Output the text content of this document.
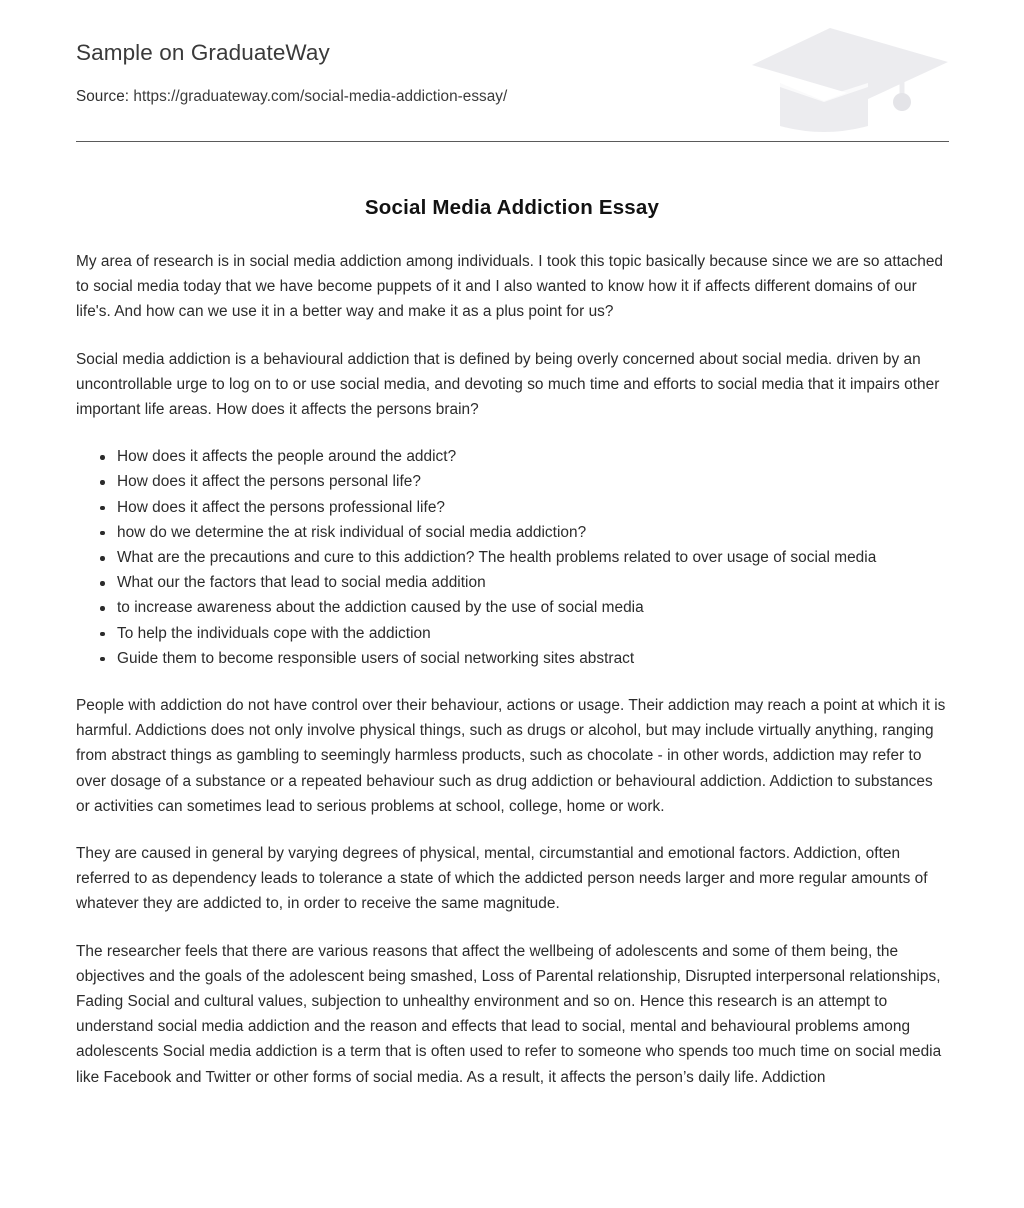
Sample on GraduateWay
Source: https://graduateway.com/social-media-addiction-essay/
Social Media Addiction Essay

My area of research is in social media addiction among individuals. I took this topic basically because since we are so attached to social media today that we have become puppets of it and I also wanted to know how it if affects different domains of our life's. And how can we use it in a better way and make it as a plus point for us?

Social media addiction is a behavioural addiction that is defined by being overly concerned about social media. driven by an uncontrollable urge to log on to or use social media, and devoting so much time and efforts to social media that it impairs other important life areas. How does it affects the persons brain?

How does it affects the people around the addict?
How does it affect the persons personal life?
How does it affect the persons professional life?
how do we determine the at risk individual of social media addiction?
What are the precautions and cure to this addiction? The health problems related to over usage of social media
What our the factors that lead to social media addition
to increase awareness about the addiction caused by the use of social media
To help the individuals cope with the addiction
Guide them to become responsible users of social networking sites abstract

People with addiction do not have control over their behaviour, actions or usage. Their addiction may reach a point at which it is harmful. Addictions does not only involve physical things, such as drugs or alcohol, but may include virtually anything, ranging from abstract things as gambling to seemingly harmless products, such as chocolate - in other words, addiction may refer to over dosage of a substance or a repeated behaviour such as drug addiction or behavioural addiction. Addiction to substances or activities can sometimes lead to serious problems at school, college, home or work.

They are caused in general by varying degrees of physical, mental, circumstantial and emotional factors. Addiction, often referred to as dependency leads to tolerance a state of which the addicted person needs larger and more regular amounts of whatever they are addicted to, in order to receive the same magnitude.

The researcher feels that there are various reasons that affect the wellbeing of adolescents and some of them being, the objectives and the goals of the adolescent being smashed, Loss of Parental relationship, Disrupted interpersonal relationships, Fading Social and cultural values, subjection to unhealthy environment and so on. Hence this research is an attempt to understand social media addiction and the reason and effects that lead to social, mental and behavioural problems among adolescents Social media addiction is a term that is often used to refer to someone who spends too much time on social media like Facebook and Twitter or other forms of social media. As a result, it affects the person’s daily life. Addiction
